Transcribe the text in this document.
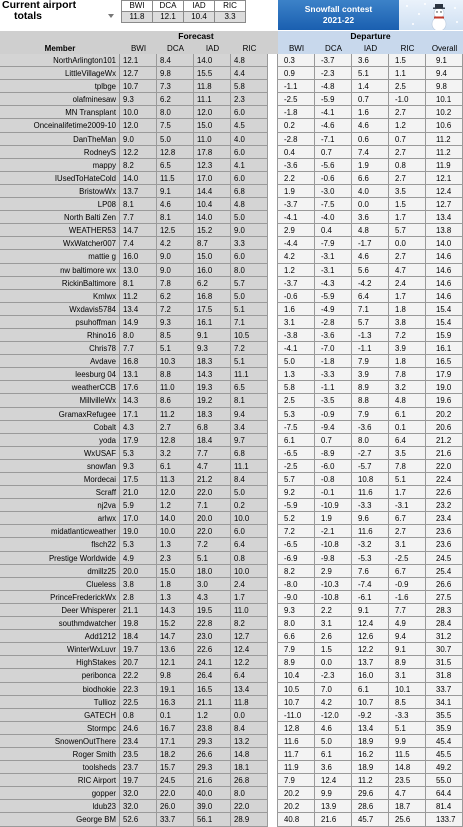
Current airport
totals
BWI	DCA	IAD	RIC
11.8	12.1	10.4	3.3
Snowfall contest
2021-22
Forecast	Departure
Member	BWI	DCA	IAD	RIC	BWI	DCA	IAD	RIC	Overall
NorthArlington101 12.1	8.4	14.0	4.8	0.3	-3.7	3.6	1.5	9.1
LittleVillageWx 12.7	9.8	15.5	4.4	0.9	-2.3	5.1	1.1	9.4
tplbge 10.7	7.3	11.8	5.8	-1.1	-4.8	1.4	2.5	9.8
olafminesaw 9.3	6.2	11.1	2.3	-2.5	-5.9	0.7	-1.0	10.1
MN Transplant 10.0	8.0	12.0	6.0	-1.8	-4.1	1.6	2.7	10.2
Onceinalifetime2009-10 12.0	7.5	15.0	4.5	0.2	-4.6	4.6	1.2	10.6
DanTheMan 9.0	5.0	11.0	4.0	-2.8	-7.1	0.6	0.7	11.2
RodneyS 12.2	12.8	17.8	6.0	0.4	0.7	7.4	2.7	11.2
mappy 8.2	6.5	12.3	4.1	-3.6	-5.6	1.9	0.8	11.9
IUsedToHateCold 14.0	11.5	17.0	6.0	2.2	-0.6	6.6	2.7	12.1
BristowWx 13.7	9.1	14.4	6.8	1.9	-3.0	4.0	3.5	12.4
LP08 8.1	4.6	10.4	4.8	-3.7	-7.5	0.0	1.5	12.7
North Balti Zen 7.7	8.1	14.0	5.0	-4.1	-4.0	3.6	1.7	13.4
WEATHER53 14.7	12.5	15.2	9.0	2.9	0.4	4.8	5.7	13.8
WxWatcher007 7.4	4.2	8.7	3.3	-4.4	-7.9	-1.7	0.0	14.0
mattie g 16.0	9.0	15.0	6.0	4.2	-3.1	4.6	2.7	14.6
nw baltimore wx 13.0	9.0	16.0	8.0	1.2	-3.1	5.6	4.7	14.6
RickinBaltimore 8.1	7.8	6.2	5.7	-3.7	-4.3	-4.2	2.4	14.6
Kmlwx 11.2	6.2	16.8	5.0	-0.6	-5.9	6.4	1.7	14.6
Wxdavis5784 13.4	7.2	17.5	5.1	1.6	-4.9	7.1	1.8	15.4
psuhoffman 14.9	9.3	16.1	7.1	3.1	-2.8	5.7	3.8	15.4
Rhino16 8.0	8.5	9.1	10.5	-3.8	-3.6	-1.3	7.2	15.9
Chris78 7.7	5.1	9.3	7.2	-4.1	-7.0	-1.1	3.9	16.1
Avdave 16.8	10.3	18.3	5.1	5.0	-1.8	7.9	1.8	16.5
leesburg 04 13.1	8.8	14.3	11.1	1.3	-3.3	3.9	7.8	17.9
weatherCCB 17.6	11.0	19.3	6.5	5.8	-1.1	8.9	3.2	19.0
MillvilleWx 14.3	8.6	19.2	8.1	2.5	-3.5	8.8	4.8	19.6
GramaxRefugee 17.1	11.2	18.3	9.4	5.3	-0.9	7.9	6.1	20.2
Cobalt 4.3	2.7	6.8	3.4	-7.5	-9.4	-3.6	0.1	20.6
yoda 17.9	12.8	18.4	9.7	6.1	0.7	8.0	6.4	21.2
WxUSAF 5.3	3.2	7.7	6.8	-6.5	-8.9	-2.7	3.5	21.6
snowfan 9.3	6.1	4.7	11.1	-2.5	-6.0	-5.7	7.8	22.0
Mordecai 17.5	11.3	21.2	8.4	5.7	-0.8	10.8	5.1	22.4
Scraff 21.0	12.0	22.0	5.0	9.2	-0.1	11.6	1.7	22.6
nj2va 5.9	1.2	7.1	0.2	-5.9	-10.9	-3.3	-3.1	23.2
arlwx 17.0	14.0	20.0	10.0	5.2	1.9	9.6	6.7	23.4
midatlanticweather 19.0	10.0	22.0	6.0	7.2	-2.1	11.6	2.7	23.6
flsch22 5.3	1.3	7.2	6.4	-6.5	-10.8	-3.2	3.1	23.6
Prestige Worldwide 4.9	2.3	5.1	0.8	-6.9	-9.8	-5.3	-2.5	24.5
dmillz25 20.0	15.0	18.0	10.0	8.2	2.9	7.6	6.7	25.4
Clueless 3.8	1.8	3.0	2.4	-8.0	-10.3	-7.4	-0.9	26.6
PrinceFrederickWx 2.8	1.3	4.3	1.7	-9.0	-10.8	-6.1	-1.6	27.5
Deer Whisperer 21.1	14.3	19.5	11.0	9.3	2.2	9.1	7.7	28.3
southmdwatcher 19.8	15.2	22.8	8.2	8.0	3.1	12.4	4.9	28.4
Add1212 18.4	14.7	23.0	12.7	6.6	2.6	12.6	9.4	31.2
WinterWxLuvr 19.7	13.6	22.6	12.4	7.9	1.5	12.2	9.1	30.7
HighStakes 20.7	12.1	24.1	12.2	8.9	0.0	13.7	8.9	31.5
peribonca 22.2	9.8	26.4	6.4	10.4	-2.3	16.0	3.1	31.8
biodhokie 22.3	19.1	16.5	13.4	10.5	7.0	6.1	10.1	33.7
Tullioz 22.5	16.3	21.1	11.8	10.7	4.2	10.7	8.5	34.1
GATECH 0.8	0.1	1.2	0.0	-11.0	-12.0	-9.2	-3.3	35.5
Stormpc 24.6	16.7	23.8	8.4	12.8	4.6	13.4	5.1	35.9
SnowenOutThere 23.4	17.1	29.3	13.2	11.6	5.0	18.9	9.9	45.4
Roger Smith 23.5	18.2	26.6	14.8	11.7	6.1	16.2	11.5	45.5
toolsheds 23.7	15.7	29.3	18.1	11.9	3.6	18.9	14.8	49.2
RIC Airport 19.7	24.5	21.6	26.8	7.9	12.4	11.2	23.5	55.0
gopper 32.0	22.0	40.0	8.0	20.2	9.9	29.6	4.7	64.4
ldub23 32.0	26.0	39.0	22.0	20.2	13.9	28.6	18.7	81.4
George BM 52.6	33.7	56.1	28.9	40.8	21.6	45.7	25.6	133.7
